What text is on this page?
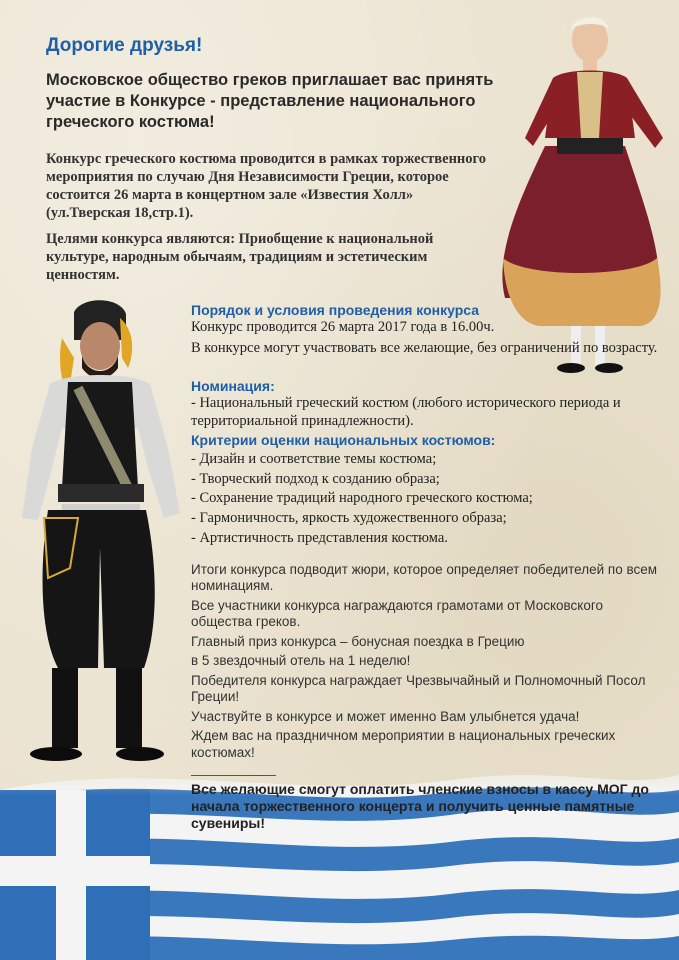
Дорогие друзья!
Московское общество греков приглашает вас принять участие в Конкурсе - представление национального греческого костюма!
Конкурс греческого костюма проводится в рамках торжественного мероприятия по случаю Дня Независимости Греции, которое состоится 26 марта в концертном зале «Известия Холл» (ул.Тверская 18,стр.1).
Целями конкурса являются: Приобщение к национальной культуре, народным обычаям, традициям и эстетическим ценностям.
Порядок и условия проведения конкурса

Конкурс проводится 26 марта 2017 года в 16.00ч.

В конкурсе могут участвовать все желающие, без ограничений по возрасту.

Номинация:

- Национальный греческий костюм (любого исторического периода и территориальной принадлежности).

Критерии оценки национальных костюмов:

- Дизайн и соответствие темы костюма;

- Творческий подход к созданию образа;

- Сохранение традиций народного греческого костюма;

- Гармоничность, яркость художественного образа;

- Артистичность представления костюма.

Итоги конкурса подводит жюри, которое определяет победителей по всем номинациям.

Все участники конкурса награждаются грамотами от Московского общества греков.

Главный приз конкурса – бонусная поездка в Грецию

в 5 звездочный отель на 1 неделю!

Победителя конкурса награждает Чрезвычайный и Полномочный Посол Греции!

Участвуйте в конкурсе и может именно Вам улыбнется удача!

Ждем вас на праздничном мероприятии в национальных греческих костюмах!

Все желающие смогут оплатить членские взносы в кассу МОГ до начала торжественного концерта и получить ценные памятные сувениры!
